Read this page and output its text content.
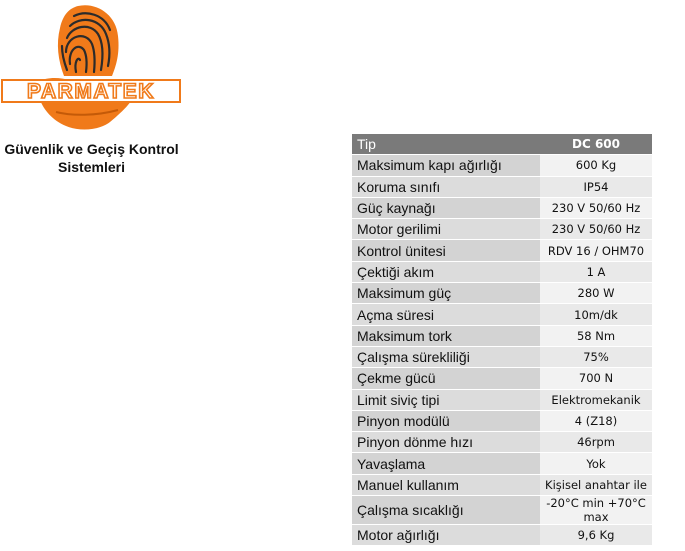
PARMATEK
Güvenlik ve Geçiş Kontrol
Sistemleri
Tip	DC 600
Maksimum kapı ağırlığı	600 Kg
Koruma sınıfı	IP54
Güç kaynağı	230 V 50/60 Hz
Motor gerilimi	230 V 50/60 Hz
Kontrol ünitesi	RDV 16 / OHM70
Çektiği akım	1 A
Maksimum güç	280 W
Açma süresi	10m/dk
Maksimum tork	58 Nm
Çalışma sürekliliği	75%
Çekme gücü	700 N
Limit siviç tipi	Elektromekanik
Pinyon modülü	4 (Z18)
Pinyon dönme hızı	46rpm
Yavaşlama	Yok
Manuel kullanım	Kişisel anahtar ile
Çalışma sıcaklığı	-20°C min +70°C max
Motor ağırlığı	9,6 Kg
